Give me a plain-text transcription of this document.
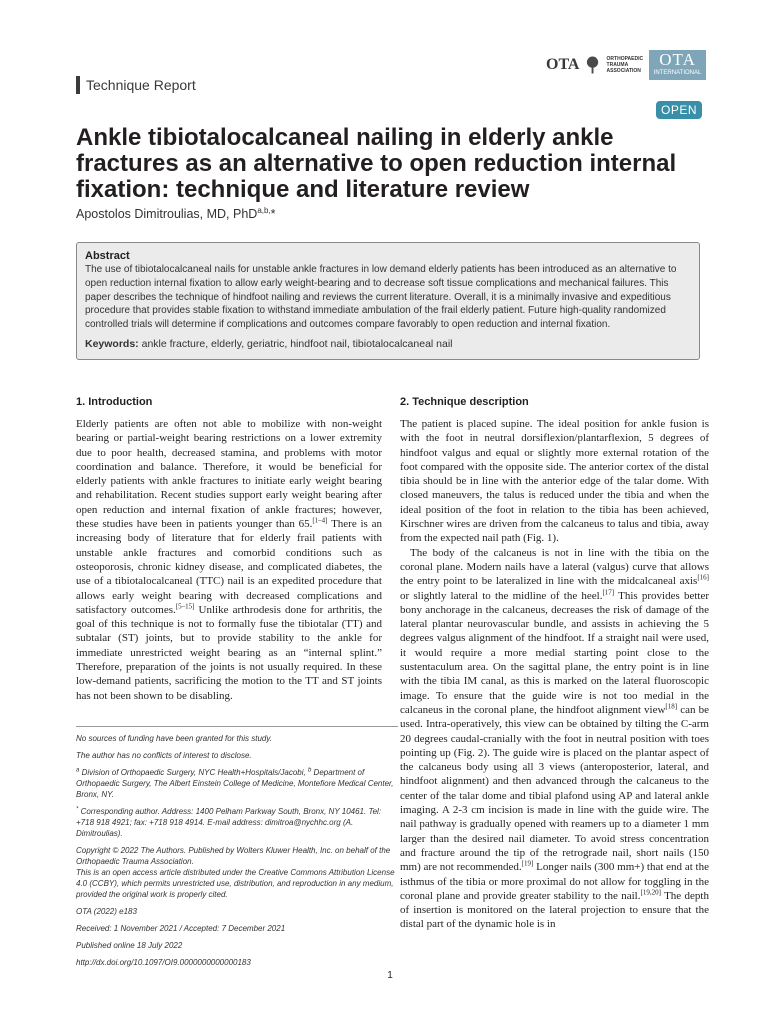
Technique Report
OTA	ORTHOPAEDIC
TRAUMA
ASSOCIATION
OTA
INTERNATIONAL
OPEN
Ankle tibiotalocalcaneal nailing in elderly ankle fractures as an alternative to open reduction internal fixation: technique and literature review
Apostolos Dimitroulias, MD, PhD$^{a,b,}$*
Abstract

The use of tibiotalocalcaneal nails for unstable ankle fractures in low demand elderly patients has been introduced as an alternative to open reduction internal fixation to allow early weight-bearing and to decrease soft tissue complications and mechanical failures. This paper describes the technique of hindfoot nailing and reviews the current literature. Overall, it is a minimally invasive and expeditious procedure that provides stable fixation to withstand immediate ambulation of the frail elderly patient. Future high-quality randomized controlled trials will determine if complications and outcomes compare favorably to open reduction and internal fixation.

Keywords: ankle fracture, elderly, geriatric, hindfoot nail, tibiotalocalcaneal nail

1. Introduction

Elderly patients are often not able to mobilize with non-weight bearing or partial-weight bearing restrictions on a lower extremity due to poor health, decreased stamina, and problems with motor coordination and balance. Therefore, it would be beneficial for elderly patients with ankle fractures to initiate early weight bearing and rehabilitation. Recent studies support early weight bearing after open reduction and internal fixation of ankle fractures; however, these studies have been in patients younger than 65.[1–4] There is an increasing body of literature that for elderly frail patients with unstable ankle fractures and comorbid conditions such as osteoporosis, chronic kidney disease, and complicated diabetes, the use of a tibiotalocalcaneal (TTC) nail is an expedited procedure that allows early weight bearing with decreased complications and satisfactory outcomes.[5–15] Unlike arthrodesis done for arthritis, the goal of this technique is not to formally fuse the tibiotalar (TT) and subtalar (ST) joints, but to provide stability to the ankle for immediate unrestricted weight bearing as an “internal splint.” Therefore, preparation of the joints is not usually required. In these low-demand patients, sacrificing the motion to the TT and ST joints has not been shown to be disabling.

No sources of funding have been granted for this study.

The author has no conflicts of interest to disclose.

$^a$ Division of Orthopaedic Surgery, NYC Health+Hospitals/Jacobi, $^b$ Department of Orthopaedic Surgery, The Albert Einstein College of Medicine, Montefiore Medical Center, Bronx, NY.

* Corresponding author. Address: 1400 Pelham Parkway South, Bronx, NY 10461. Tel: +718 918 4921; fax: +718 918 4914. E-mail address: dimitroa@nychhc.org (A. Dimitroulias).

Copyright © 2022 The Authors. Published by Wolters Kluwer Health, Inc. on behalf of the Orthopaedic Trauma Association.

This is an open access article distributed under the Creative Commons Attribution License 4.0 (CCBY), which permits unrestricted use, distribution, and reproduction in any medium, provided the original work is properly cited.

OTA (2022) e183

Received: 1 November 2021 / Accepted: 7 December 2021

Published online 18 July 2022

http://dx.doi.org/10.1097/OI9.0000000000000183

2. Technique description

The patient is placed supine. The ideal position for ankle fusion is with the foot in neutral dorsiflexion/plantarflexion, 5 degrees of hindfoot valgus and equal or slightly more external rotation of the foot compared with the opposite side. The anterior cortex of the distal tibia should be in line with the anterior edge of the talar dome. With closed maneuvers, the talus is reduced under the tibia and when the ideal position of the foot in relation to the tibia has been achieved, Kirschner wires are driven from the calcaneus to talus and tibia, away from the expected nail path (Fig. 1).

The body of the calcaneus is not in line with the tibia on the coronal plane. Modern nails have a lateral (valgus) curve that allows the entry point to be lateralized in line with the midcalcaneal axis[16] or slightly lateral to the midline of the heel.[17] This provides better bony anchorage in the calcaneus, decreases the risk of damage of the lateral plantar neurovascular bundle, and assists in achieving the 5 degrees valgus alignment of the hindfoot. If a straight nail were used, it would require a more medial starting point close to the sustentaculum area. On the sagittal plane, the entry point is in line with the tibia IM canal, as this is marked on the lateral fluoroscopic image. To ensure that the guide wire is not too medial in the calcaneus in the coronal plane, the hindfoot alignment view[18] can be used. Intra-operatively, this view can be obtained by tilting the C-arm 20 degrees caudal-cranially with the foot in neutral position with toes pointing up (Fig. 2). The guide wire is placed on the plantar aspect of the calcaneus body using all 3 views (anteroposterior, lateral, and hindfoot alignment) and then advanced through the calcaneus to the center of the talar dome and tibial plafond using AP and lateral ankle imaging. A 2-3 cm incision is made in line with the guide wire. The nail pathway is gradually opened with reamers up to a diameter 1 mm larger than the desired nail diameter. To avoid stress concentration and fracture around the tip of the retrograde nail, short nails (150 mm) are not recommended.[19] Longer nails (300 mm+) that end at the isthmus of the tibia or more proximal do not allow for toggling in the coronal plane and provide greater stability to the nail.[19,20] The depth of insertion is monitored on the lateral projection to ensure that the distal part of the dynamic hole is in

1
